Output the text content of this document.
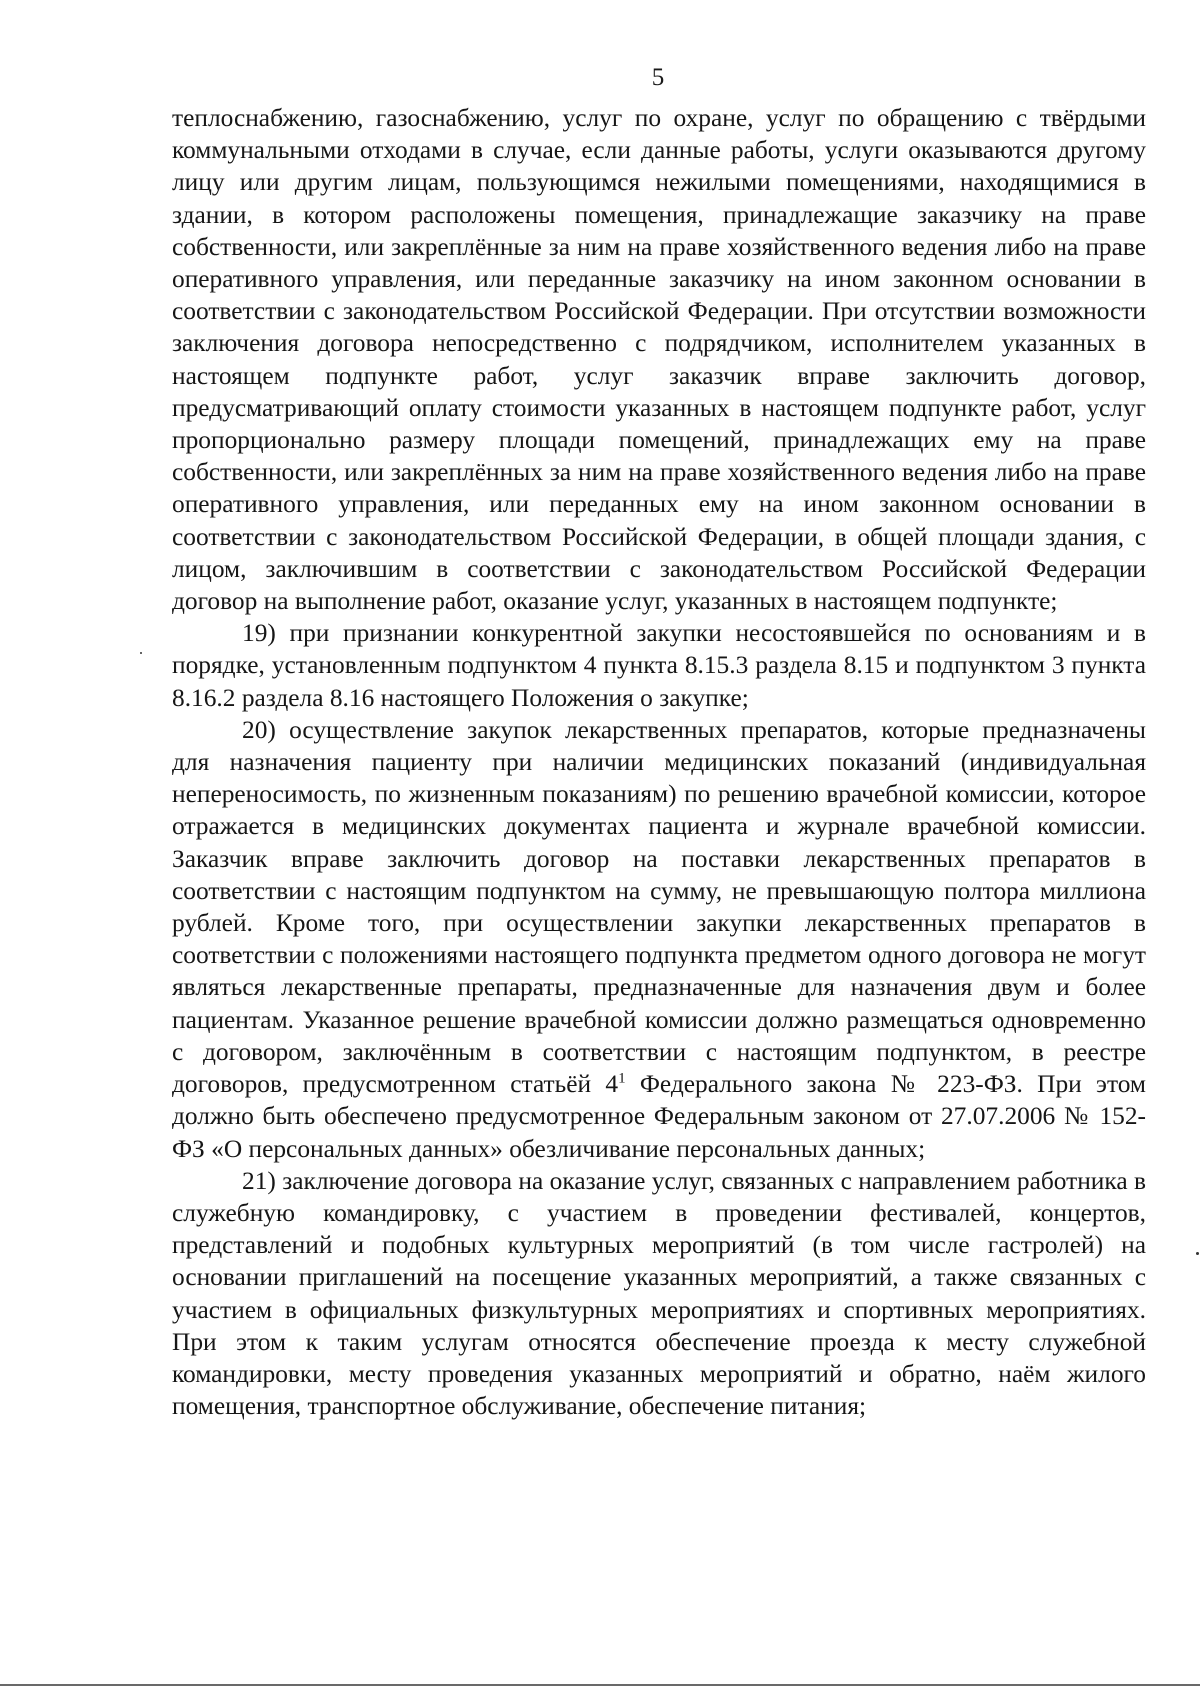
5

теплоснабжению, газоснабжению, услуг по охране, услуг по обращению с твёрдыми коммунальными отходами в случае, если данные работы, услуги оказываются другому лицу или другим лицам, пользующимся нежилыми помещениями, находящимися в здании, в котором расположены помещения, принадлежащие заказчику на праве собственности, или закреплённые за ним на праве хозяйственного ведения либо на праве оперативного управления, или переданные заказчику на ином законном основании в соответствии с законодательством Российской Федерации. При отсутствии возможности заключения договора непосредственно с подрядчиком, исполнителем указанных в настоящем подпункте работ, услуг заказчик вправе заключить договор, предусматривающий оплату стоимости указанных в настоящем подпункте работ, услуг пропорционально размеру площади помещений, принадлежащих ему на праве собственности, или закреплённых за ним на праве хозяйственного ведения либо на праве оперативного управления, или переданных ему на ином законном основании в соответствии с законодательством Российской Федерации, в общей площади здания, с лицом, заключившим в соответствии с законодательством Российской Федерации договор на выполнение работ, оказание услуг, указанных в настоящем подпункте;

19) при признании конкурентной закупки несостоявшейся по основаниям и в порядке, установленным подпунктом 4 пункта 8.15.3 раздела 8.15 и подпунктом 3 пункта 8.16.2 раздела 8.16 настоящего Положения о закупке;

20) осуществление закупок лекарственных препаратов, которые предназначены для назначения пациенту при наличии медицинских показаний (индивидуальная непереносимость, по жизненным показаниям) по решению врачебной комиссии, которое отражается в медицинских документах пациента и журнале врачебной комиссии. Заказчик вправе заключить договор на поставки лекарственных препаратов в соответствии с настоящим подпунктом на сумму, не превышающую полтора миллиона рублей. Кроме того, при осуществлении закупки лекарственных препаратов в соответствии с положениями настоящего подпункта предметом одного договора не могут являться лекарственные препараты, предназначенные для назначения двум и более пациентам. Указанное решение врачебной комиссии должно размещаться одновременно с договором, заключённым в соответствии с настоящим подпунктом, в реестре договоров, предусмотренном статьёй $4^1$ Федерального закона № 223-ФЗ. При этом должно быть обеспечено предусмотренное Федеральным законом от 27.07.2006 № 152-ФЗ «О персональных данных» обезличивание персональных данных;

21) заключение договора на оказание услуг, связанных с направлением работника в служебную командировку, с участием в проведении фестивалей, концертов, представлений и подобных культурных мероприятий (в том числе гастролей) на основании приглашений на посещение указанных мероприятий, а также связанных с участием в официальных физкультурных мероприятиях и спортивных мероприятиях. При этом к таким услугам относятся обеспечение проезда к месту служебной командировки, месту проведения указанных мероприятий и обратно, наём жилого помещения, транспортное обслуживание, обеспечение питания;
